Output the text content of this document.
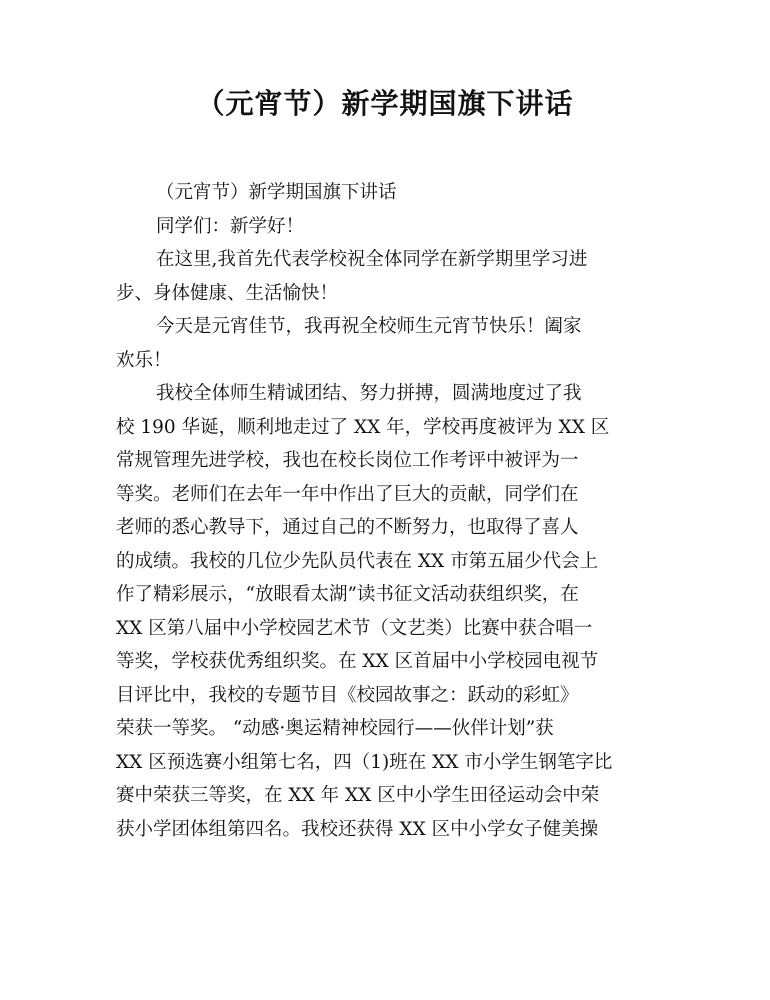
（元宵节）新学期国旗下讲话
（元宵节）新学期国旗下讲话
同学们：新学好！
在这里,我首先代表学校祝全体同学在新学期里学习进
步、身体健康、生活愉快！
今天是元宵佳节，我再祝全校师生元宵节快乐！阖家
欢乐！
我校全体师生精诚团结、努力拼搏，圆满地度过了我
校 190 华诞，顺利地走过了 XX 年，学校再度被评为 XX 区
常规管理先进学校，我也在校长岗位工作考评中被评为一
等奖。老师们在去年一年中作出了巨大的贡献，同学们在
老师的悉心教导下，通过自己的不断努力，也取得了喜人
的成绩。我校的几位少先队员代表在 XX 市第五届少代会上
作了精彩展示，“放眼看太湖”读书征文活动获组织奖，在
XX 区第八届中小学校园艺术节（文艺类）比赛中获合唱一
等奖，学校获优秀组织奖。在 XX 区首届中小学校园电视节
目评比中，我校的专题节目《校园故事之：跃动的彩虹》
荣获一等奖。 “动感·奥运精神校园行——伙伴计划”获
XX 区预选赛小组第七名，四（1)班在 XX 市小学生钢笔字比
赛中荣获三等奖，在 XX 年 XX 区中小学生田径运动会中荣
获小学团体组第四名。我校还获得 XX 区中小学女子健美操
